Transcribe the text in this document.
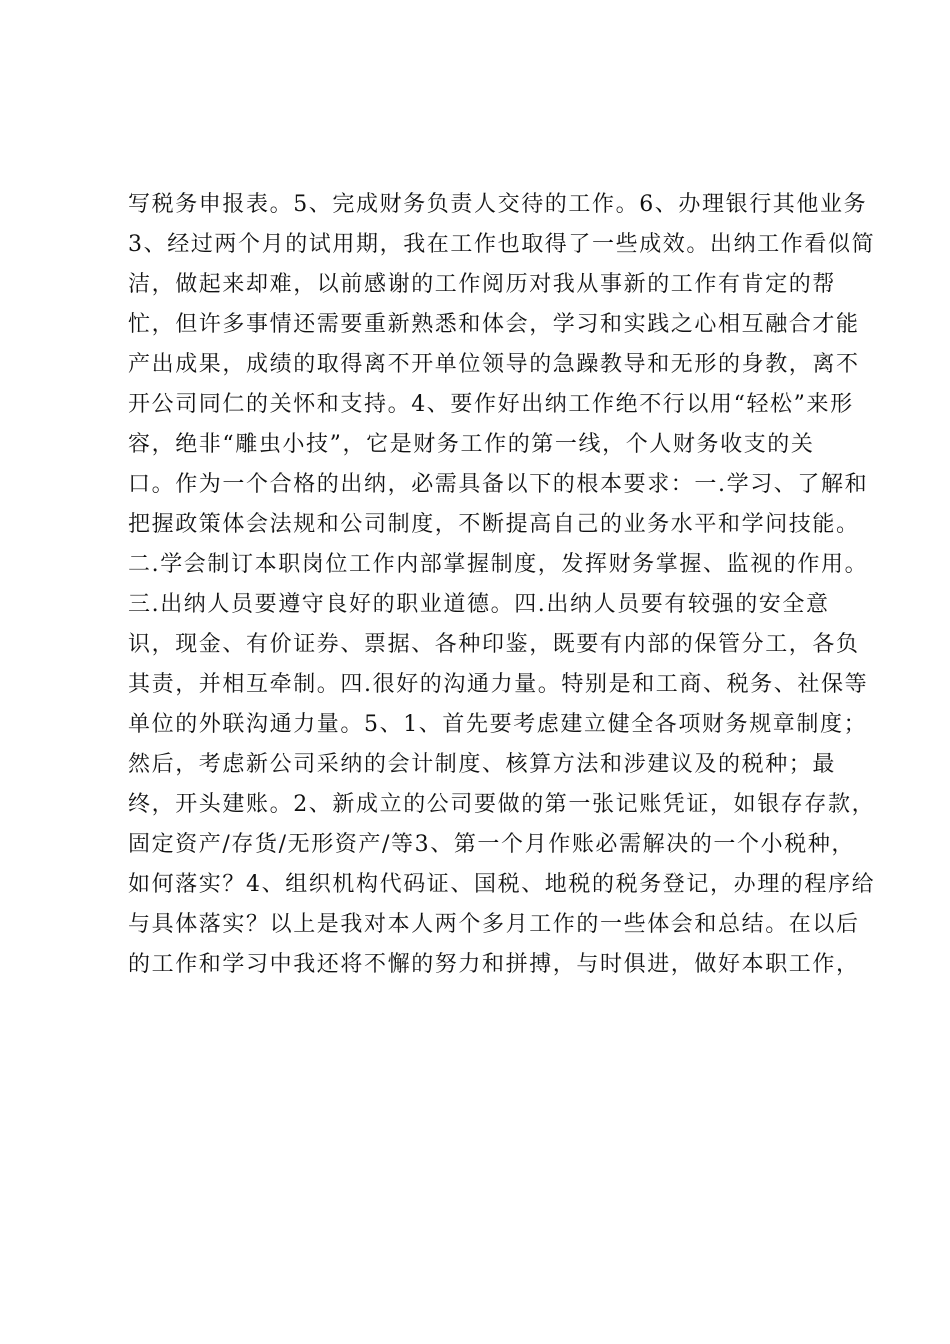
写税务申报表。5、完成财务负责人交待的工作。6、办理银行其他业务

3、经过两个月的试用期，我在工作也取得了一些成效。出纳工作看似简

洁，做起来却难，以前感谢的工作阅历对我从事新的工作有肯定的帮

忙，但许多事情还需要重新熟悉和体会，学习和实践之心相互融合才能

产出成果，成绩的取得离不开单位领导的急躁教导和无形的身教，离不

开公司同仁的关怀和支持。4、要作好出纳工作绝不行以用“轻松”来形

容，绝非“雕虫小技”，它是财务工作的第一线，个人财务收支的关

口。作为一个合格的出纳，必需具备以下的根本要求：一.学习、了解和

把握政策体会法规和公司制度，不断提高自己的业务水平和学问技能。

二.学会制订本职岗位工作内部掌握制度，发挥财务掌握、监视的作用。

三.出纳人员要遵守良好的职业道德。四.出纳人员要有较强的安全意

识，现金、有价证券、票据、各种印鉴，既要有内部的保管分工，各负

其责，并相互牵制。四.很好的沟通力量。特别是和工商、税务、社保等

单位的外联沟通力量。5、1、首先要考虑建立健全各项财务规章制度；

然后，考虑新公司采纳的会计制度、核算方法和涉建议及的税种；最

终，开头建账。2、新成立的公司要做的第一张记账凭证，如银存存款，

固定资产/存货/无形资产/等3、第一个月作账必需解决的一个小税种，

如何落实？4、组织机构代码证、国税、地税的税务登记，办理的程序给

与具体落实？以上是我对本人两个多月工作的一些体会和总结。在以后

的工作和学习中我还将不懈的努力和拼搏，与时俱进，做好本职工作，
